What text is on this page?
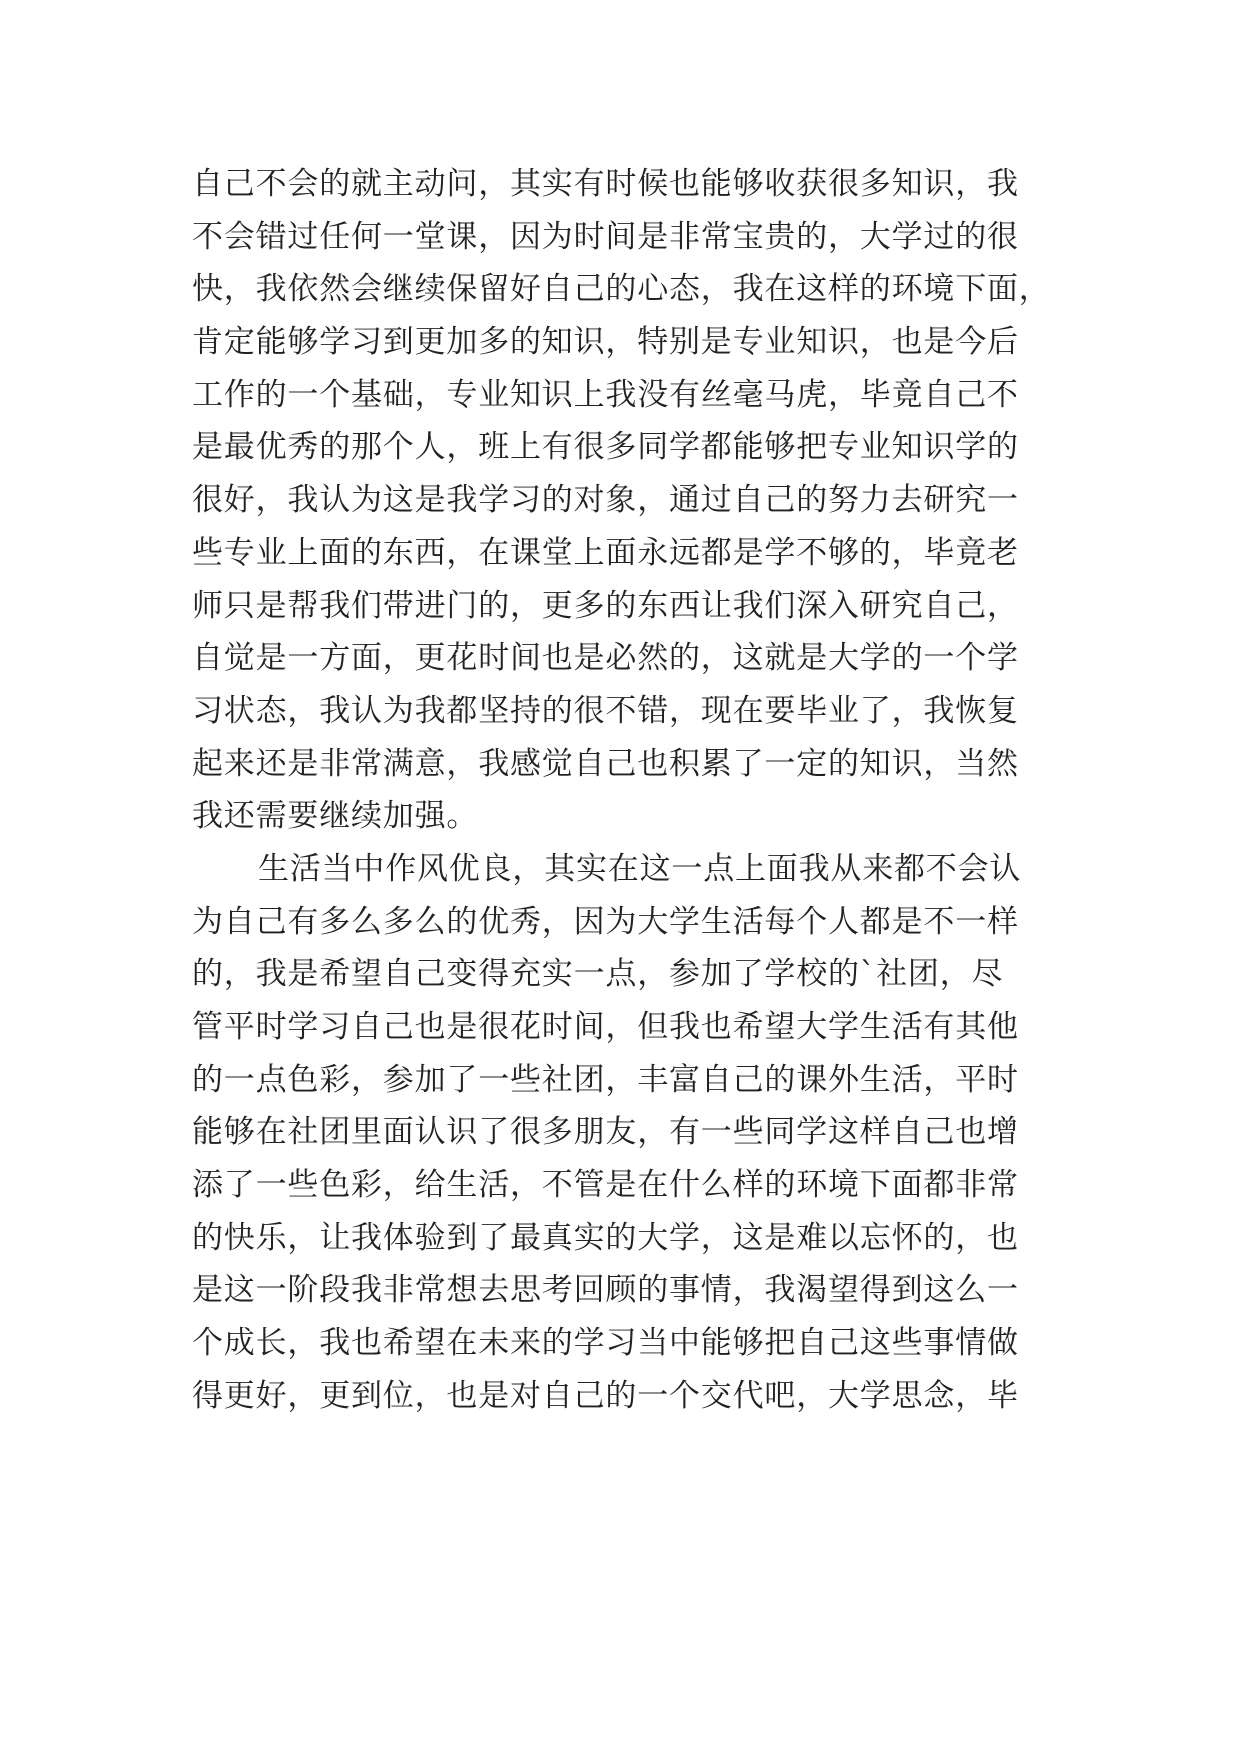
自己不会的就主动问，其实有时候也能够收获很多知识，我
不会错过任何一堂课，因为时间是非常宝贵的，大学过的很
快，我依然会继续保留好自己的心态，我在这样的环境下面，
肯定能够学习到更加多的知识，特别是专业知识，也是今后
工作的一个基础，专业知识上我没有丝毫马虎，毕竟自己不
是最优秀的那个人，班上有很多同学都能够把专业知识学的
很好，我认为这是我学习的对象，通过自己的努力去研究一
些专业上面的东西，在课堂上面永远都是学不够的，毕竟老
师只是帮我们带进门的，更多的东西让我们深入研究自己，
自觉是一方面，更花时间也是必然的，这就是大学的一个学
习状态，我认为我都坚持的很不错，现在要毕业了，我恢复
起来还是非常满意，我感觉自己也积累了一定的知识，当然
我还需要继续加强。
生活当中作风优良，其实在这一点上面我从来都不会认
为自己有多么多么的优秀，因为大学生活每个人都是不一样
的，我是希望自己变得充实一点，参加了学校的`社团，尽
管平时学习自己也是很花时间，但我也希望大学生活有其他
的一点色彩，参加了一些社团，丰富自己的课外生活，平时
能够在社团里面认识了很多朋友，有一些同学这样自己也增
添了一些色彩，给生活，不管是在什么样的环境下面都非常
的快乐，让我体验到了最真实的大学，这是难以忘怀的，也
是这一阶段我非常想去思考回顾的事情，我渴望得到这么一
个成长，我也希望在未来的学习当中能够把自己这些事情做
得更好，更到位，也是对自己的一个交代吧，大学思念，毕
